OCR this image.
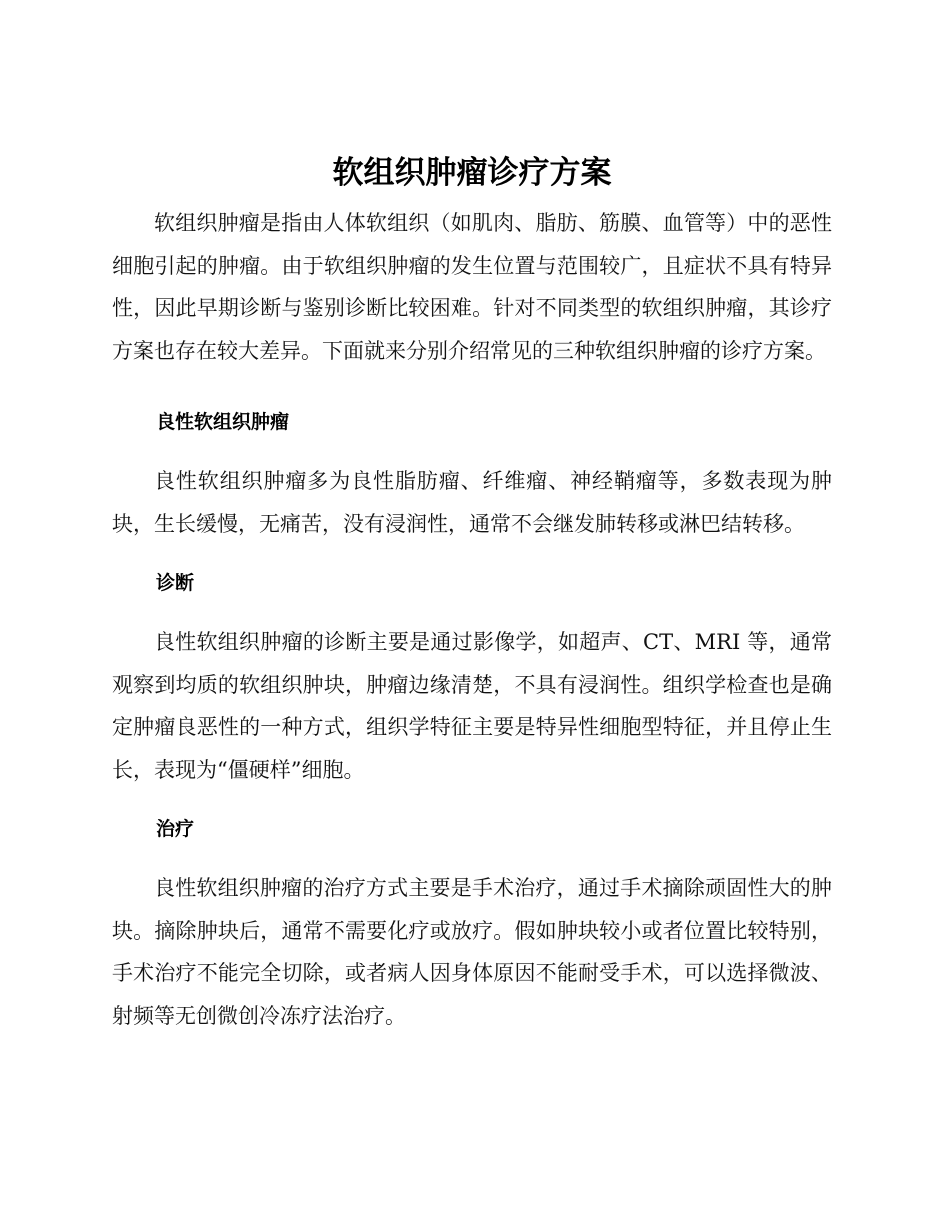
软组织肿瘤诊疗方案

软组织肿瘤是指由人体软组织（如肌肉、脂肪、筋膜、血管等）中的恶性细胞引起的肿瘤。由于软组织肿瘤的发生位置与范围较广，且症状不具有特异性，因此早期诊断与鉴别诊断比较困难。针对不同类型的软组织肿瘤，其诊疗方案也存在较大差异。下面就来分别介绍常见的三种软组织肿瘤的诊疗方案。

良性软组织肿瘤

良性软组织肿瘤多为良性脂肪瘤、纤维瘤、神经鞘瘤等，多数表现为肿块，生长缓慢，无痛苦，没有浸润性，通常不会继发肺转移或淋巴结转移。

诊断

良性软组织肿瘤的诊断主要是通过影像学，如超声、CT、MRI 等，通常观察到均质的软组织肿块，肿瘤边缘清楚，不具有浸润性。组织学检查也是确定肿瘤良恶性的一种方式，组织学特征主要是特异性细胞型特征，并且停止生长，表现为“僵硬样”细胞。

治疗

良性软组织肿瘤的治疗方式主要是手术治疗，通过手术摘除顽固性大的肿块。摘除肿块后，通常不需要化疗或放疗。假如肿块较小或者位置比较特别，手术治疗不能完全切除，或者病人因身体原因不能耐受手术，可以选择微波、射频等无创微创冷冻疗法治疗。
